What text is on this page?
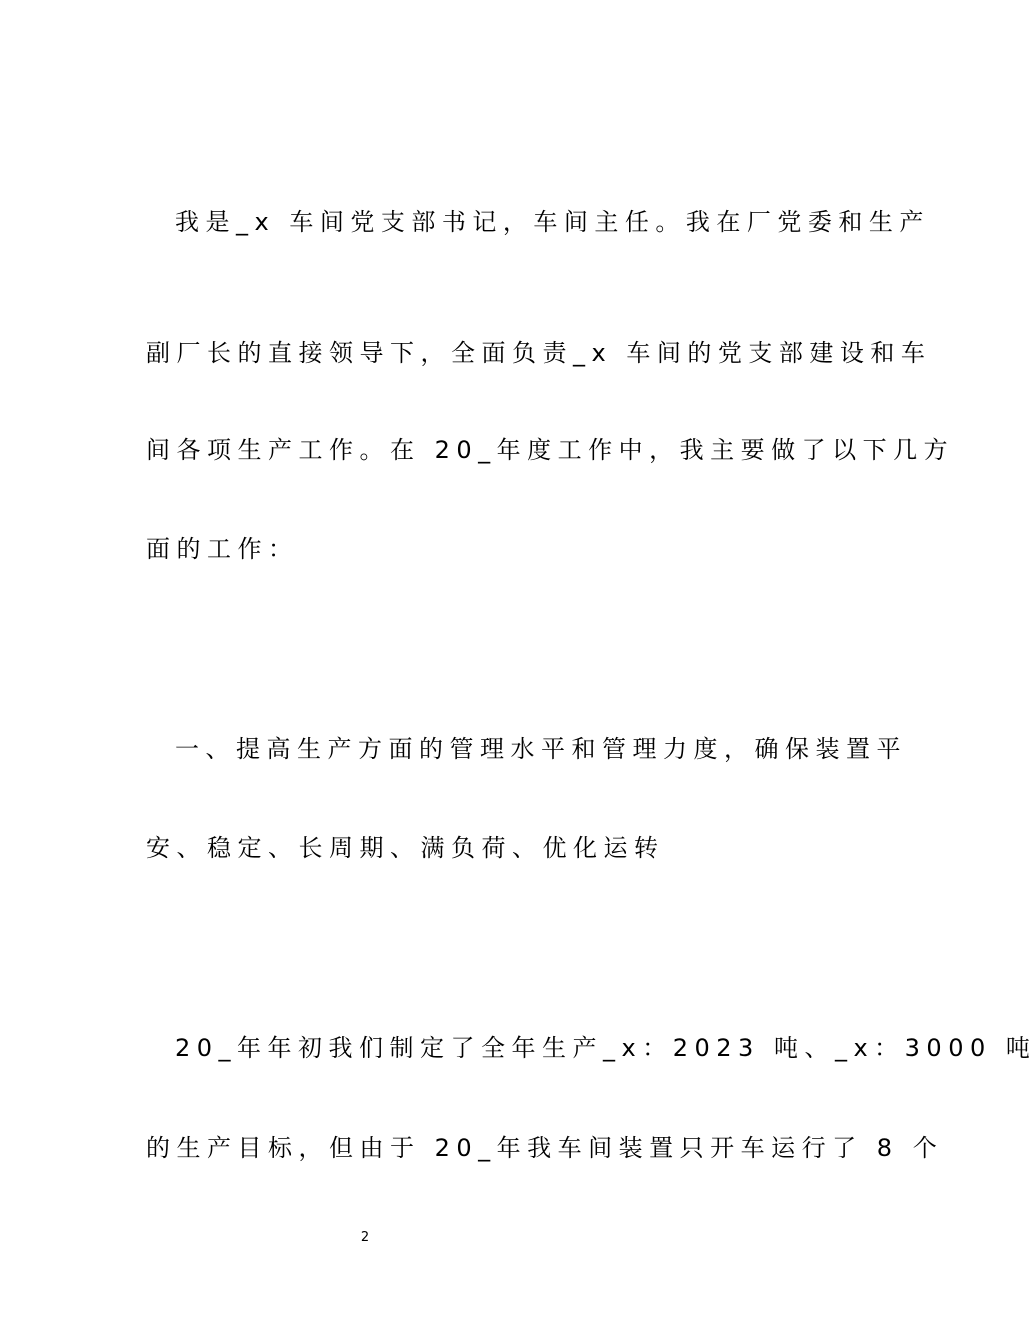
我是_x 车间党支部书记，车间主任。我在厂党委和生产
副厂长的直接领导下，全面负责_x 车间的党支部建设和车
间各项生产工作。在 20_年度工作中，我主要做了以下几方
面的工作：
一、提高生产方面的管理水平和管理力度，确保装置平
安、稳定、长周期、满负荷、优化运转
20_年年初我们制定了全年生产_x：2023 吨、_x：3000 吨
的生产目标，但由于 20_年我车间装置只开车运行了 8 个
2
